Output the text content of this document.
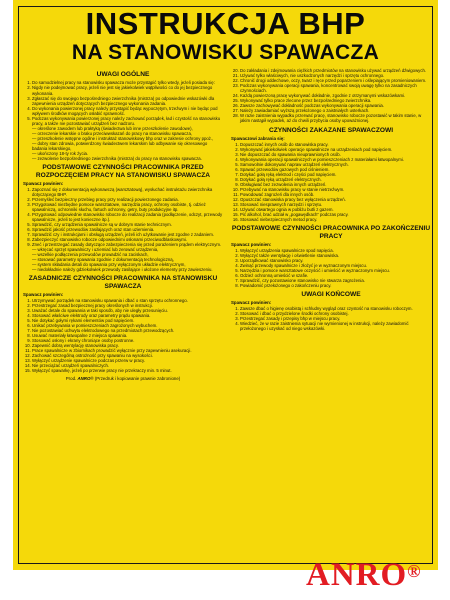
INSTRUKCJA BHP
NA STANOWISKU SPAWACZA
UWAGI OGÓLNE
1. Do samodzielnej pracy na stanowisku spawacza może przystąpić tylko wtedy, jeżeli posiada się:
2. Nigdy nie podejmować pracy, jeżeli nie jest się jakiekolwiek wątpliwości co do jej bezpiecznego wykonania.
3. Zgłaszać się do swojego bezpośredniego zwierzchnika (mistrza) po odpowiednie wskazówki dla zapewnienia urządzeń dotyczących bezpiecznego wykonania zadania.
4. Do wykonania powierzonej pracy należy przystąpić będąc wypoczętym, trzeźwym i nie będąc pod wpływem środków mogących osłabić sprawność.
5. Podczas wykonywania powierzonej pracy należy zachować porządek, ład i czystość na stanowisku pracy, a także nie pozostawiać urządzeń bez nadzoru.
— określone zawodem lub praktyką (świadectwa lub inne przeszkolenie zawodowe),
— orzeczenie lekarskie o braku przeciwwskazań do pracy na stanowisku spawacza,
— przeszkolenie wstępne ogólne i instruktaż stanowiskowy bhp oraz w zakresie ochrony ppoż.,
— dobry stan zdrowia, potwierdzony świadectwem lekarskim lub odbywanie się okresowego badania lekarskiego,
— ukończony 18-ty rok życia.
— zezwolenie bezpośredniego zwierzchnika (mistrza) do pracy na stanowisku spawacza.
PODSTAWOWE CZYNNOŚCI PRACOWNIKA PRZED ROZPOCZĘCIEM PRACY NA STANOWISKU SPAWACZA
Spawacz powinien:
1. Zapoznać się z dokumentacją wykonawczą (warsztatową), wysłuchać instruktażu zwierzchnika dotyczącego BHP.
2. Przemyśleć bezpieczny przebieg pracy przy realizacji powierzonego zadania.
3. Przygotować niezbędne pomoce warsztatowe, narzędzia pracy, ochrony osobiste, tj. odzież spawalniczą, ochronniki słuchu, fartuch ochronny, getry, buty produkcyjne itp.
4. Przygotować odpowiednie stanowisko robocze do realizacji zadania (podłączenie, odczyt, przewody spawalnicze, jeżeli to jest konieczne itp.).
5. Sprawdzić, czy urządzenia spawalnicze są w dobrym stanie technicznym.
6. Sprawdzić jakość przewodów zasilających oraz stan uziemienia.
7. Sprawdzić czy i instrukcjami i obsługą urządzeń, jeżeli ich użytkowanie jest zgodne z zadaniem.
8. Zabezpieczyć stanowisko robocze odpowiednimi osłonami przeciwodblaskowymi.
9. Zneć i przestrzegać zasady dotyczące zabezpieczenia się przed porażeniem prądem elektrycznym.
— wkręcać sprzęt spawalniczy i uziemiać lub zerować urządzenia,
— wszelkie podłączenia przewodów prowadzić na zaciskach,
— stosować parametry spawania zgodnie z dokumentacją technologiczną,
— system składania detali do spawania przy wyłączonym układzie elektrycznym,
— niedokładnie należy gdziekolwiek przewody zasilające i ułożone elementy przy zawieszeniu.
ZASADNICZE CZYNNOŚCI PRACOWNIKA NA STANOWISKU SPAWACZA
Spawacz powinien:
1. Utrzymywać porządek na stanowisku spawania i dbać o stan sprzętu ochronnego.
2. Przestrzegać zasad bezpiecznej pracy określonych w instrukcji.
3. Uważać detale do spawania w taki sposób, aby nie uległy przesunięciu.
4. Stosować właściwe elektrody oraz parametry prądu spawania.
5. Nie dotykać gołymi rękami elementów pod napięciem.
6. Unikać przebywania w pomieszczeniach zagrożonych wybuchem.
7. Nie pozostawiać uchwytu elektrodowego na przedmiotach przewodzących.
8. Usuwać materiały łatwopalne z miejsca spawania.
9. Stosować osłony i ekrany chroniące osoby postronne.
10. Zapewnić dobrą wentylację stanowiska pracy.
11. Prace spawalnicze w zbiornikach prowadzić wyłącznie przy zapewnieniu asekuracji.
12. Zachować szczególną ostrożność przy spawaniu na wysokości.
13. Wyłączyć urządzenie spawalnicze podczas przerw w pracy.
14. Nie przeciążać urządzeń spawalniczych.
15. Wyłączyć spawarkę, jeżeli po przerwie pracy nie przekraczy min. 5 minut.
Prod. ANRO® (Przedruk i kopiowanie prawnie zabronione)
20. Do zakładania i zdejmowania ciężkich przedmiotów na stanowisku używać urządzeń dźwigowych.
21. Używać tylko właściwych, nie uszkodzonych narzędzi i sprzętu ochronnego.
22. Chronić drogi oddechowe, oczy, twarz i ręce przed poparzeniem i oślepiającym promieniowaniem.
23. Podczas wykonywania operacji spawania, koncentrować swoją uwagę tylko na zasadniczych czynnościach.
24. Każdą powierzoną pracę wykonywać dokładnie, zgodnie z otrzymanymi wskazówkami.
25. Wykonywać tylko prace zlecone przez bezpośredniego zwierzchnika.
26. Zawsze zachowywać dokładność podczas wykonywania operacji spawania.
27. Należy zawiadamiać wyższą przełożonego o zaistniałych usterkach.
28. W razie zaistnienia wypadku przerwać pracę, stanowisko robocze pozostawić w takim stanie, w jakim nastąpił wypadek, aż do chwili przybycia osoby upoważnionej.
CZYNNOŚCI ZAKAZANE SPAWACZOWI
Spawaczowi zabrania się:
1. Dopuszczać innych osób do stanowiska pracy.
2. Wykonywać jakiekolwiek operacje spawalnicze na urządzeniach pod napięciem.
3. Nie dopuszczać do spawania nieuprawnionych osób.
4. Wykonywania operacji spawalniczych w pomieszczeniach z materiałami łatwopalnymi.
5. Samowolnie dokonywać napraw urządzeń elektrycznych.
6. Spawać przewodów gazowych pod ciśnieniem.
7. Dotykać gołą ręką elektrod i części pod napięciem.
8. Dotykać gołą ręką urządzeń elektrycznych.
9. Obsługiwać bez zezwolenia innych urządzeń.
10. Przebywać na stanowisku pracy w stanie nietrzeźwym.
11. Powodować zagrożeń dla innych osób.
12. Opuszczać stanowiska pracy bez wyłączenia urządzeń.
13. Stosować niesprawnych narzędzi i sprzętu.
14. Używać otwartego ognia w pobliżu butli z gazem.
15. Pić alkohol, brać udział w „pogawędkach” podczas pracy.
16. Stosować niebezpiecznych metod pracy.
PODSTAWOWE CZYNNOŚCI PRACOWNIKA PO ZAKOŃCZENIU PRACY
Spawacz powinien:
1. Wyłączyć urządzenia spawalnicze spod napięcia.
2. Wyłączyć także wentylację i oświetlenie stanowiska.
3. Uporządkować stanowisko pracy.
4. Zwinąć przewody spawalnicze i złożyć je w wyznaczonym miejscu.
5. Narzędzia i pomoce warsztatowe oczyścić i umieścić w wyznaczonym miejscu.
6. Odzież ochronną umieścić w szafie.
7. Sprawdzić, czy pozostawione stanowisko nie stwarza zagrożenia.
8. Powiadomić przełożonego o zakończeniu pracy.
UWAGI KOŃCOWE
Spawacz powinien:
1. Zawsze dbać o higienę osobistą i schludny wygląd oraz czystość na stanowisku roboczym.
2. Stosować i dbać o przydzielone środki ochrony osobistej.
3. Przestrzegać zasady i przepisy bhp w miejscu pracy.
4. Wiedzieć, że w razie zaistnienia sytuacji nie wymienionej w instrukcji, należy zawiadomić przełożonego i uzyskać od niego wskazówki.
ANRO®
